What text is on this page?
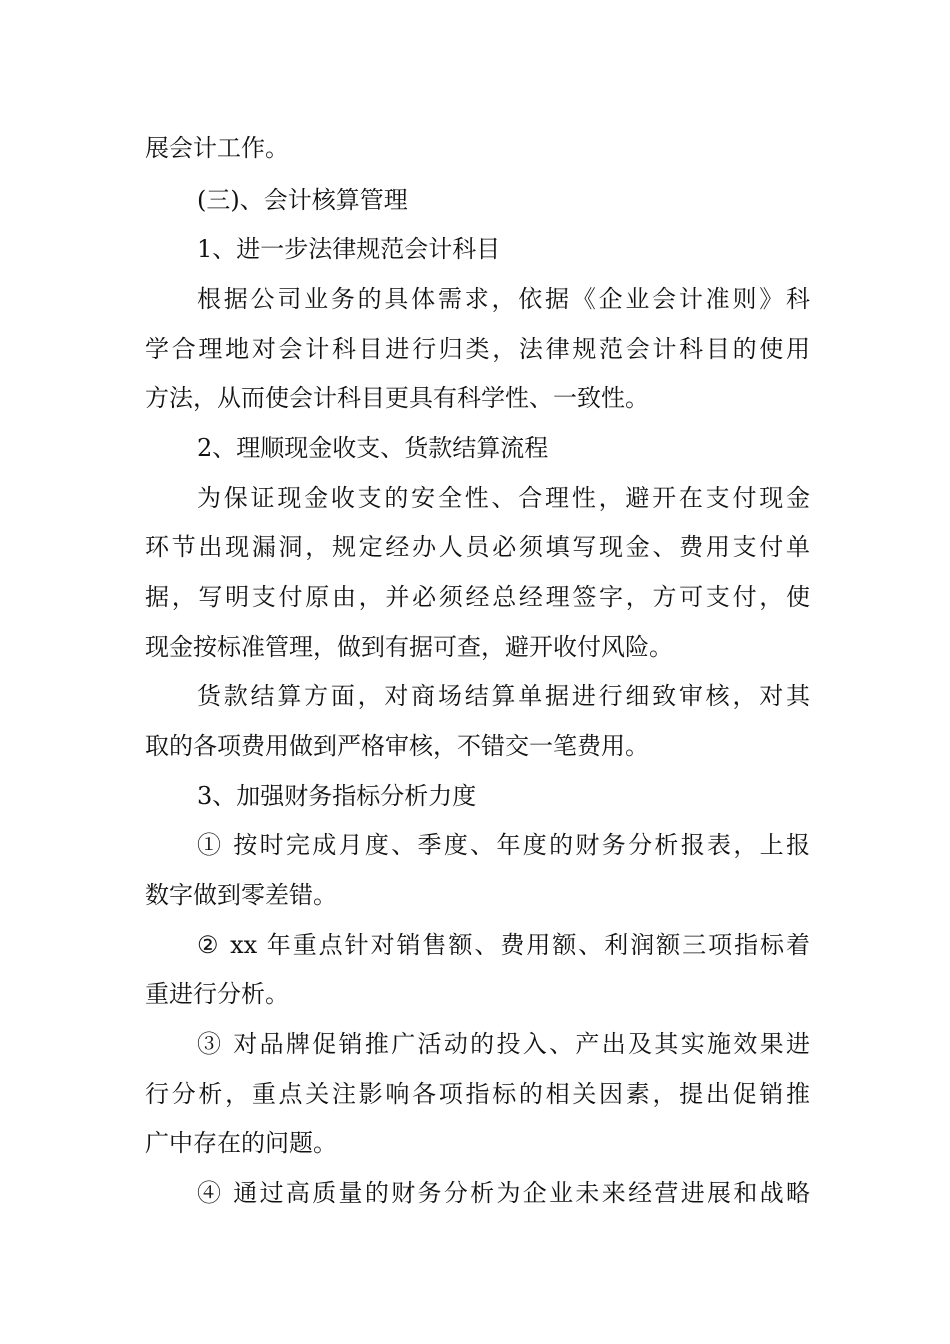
展会计工作。
(三)、会计核算管理
1、进一步法律规范会计科目
根据公司业务的具体需求，依据《企业会计准则》科
学合理地对会计科目进行归类，法律规范会计科目的使用
方法，从而使会计科目更具有科学性、一致性。
2、理顺现金收支、货款结算流程
为保证现金收支的安全性、合理性，避开在支付现金
环节出现漏洞，规定经办人员必须填写现金、费用支付单
据，写明支付原由，并必须经总经理签字，方可支付，使
现金按标准管理，做到有据可查，避开收付风险。
货款结算方面，对商场结算单据进行细致审核，对其
取的各项费用做到严格审核，不错交一笔费用。
3、加强财务指标分析力度
① 按时完成月度、季度、年度的财务分析报表，上报
数字做到零差错。
② xx 年重点针对销售额、费用额、利润额三项指标着
重进行分析。
③ 对品牌促销推广活动的投入、产出及其实施效果进
行分析，重点关注影响各项指标的相关因素，提出促销推
广中存在的问题。
④ 通过高质量的财务分析为企业未来经营进展和战略
